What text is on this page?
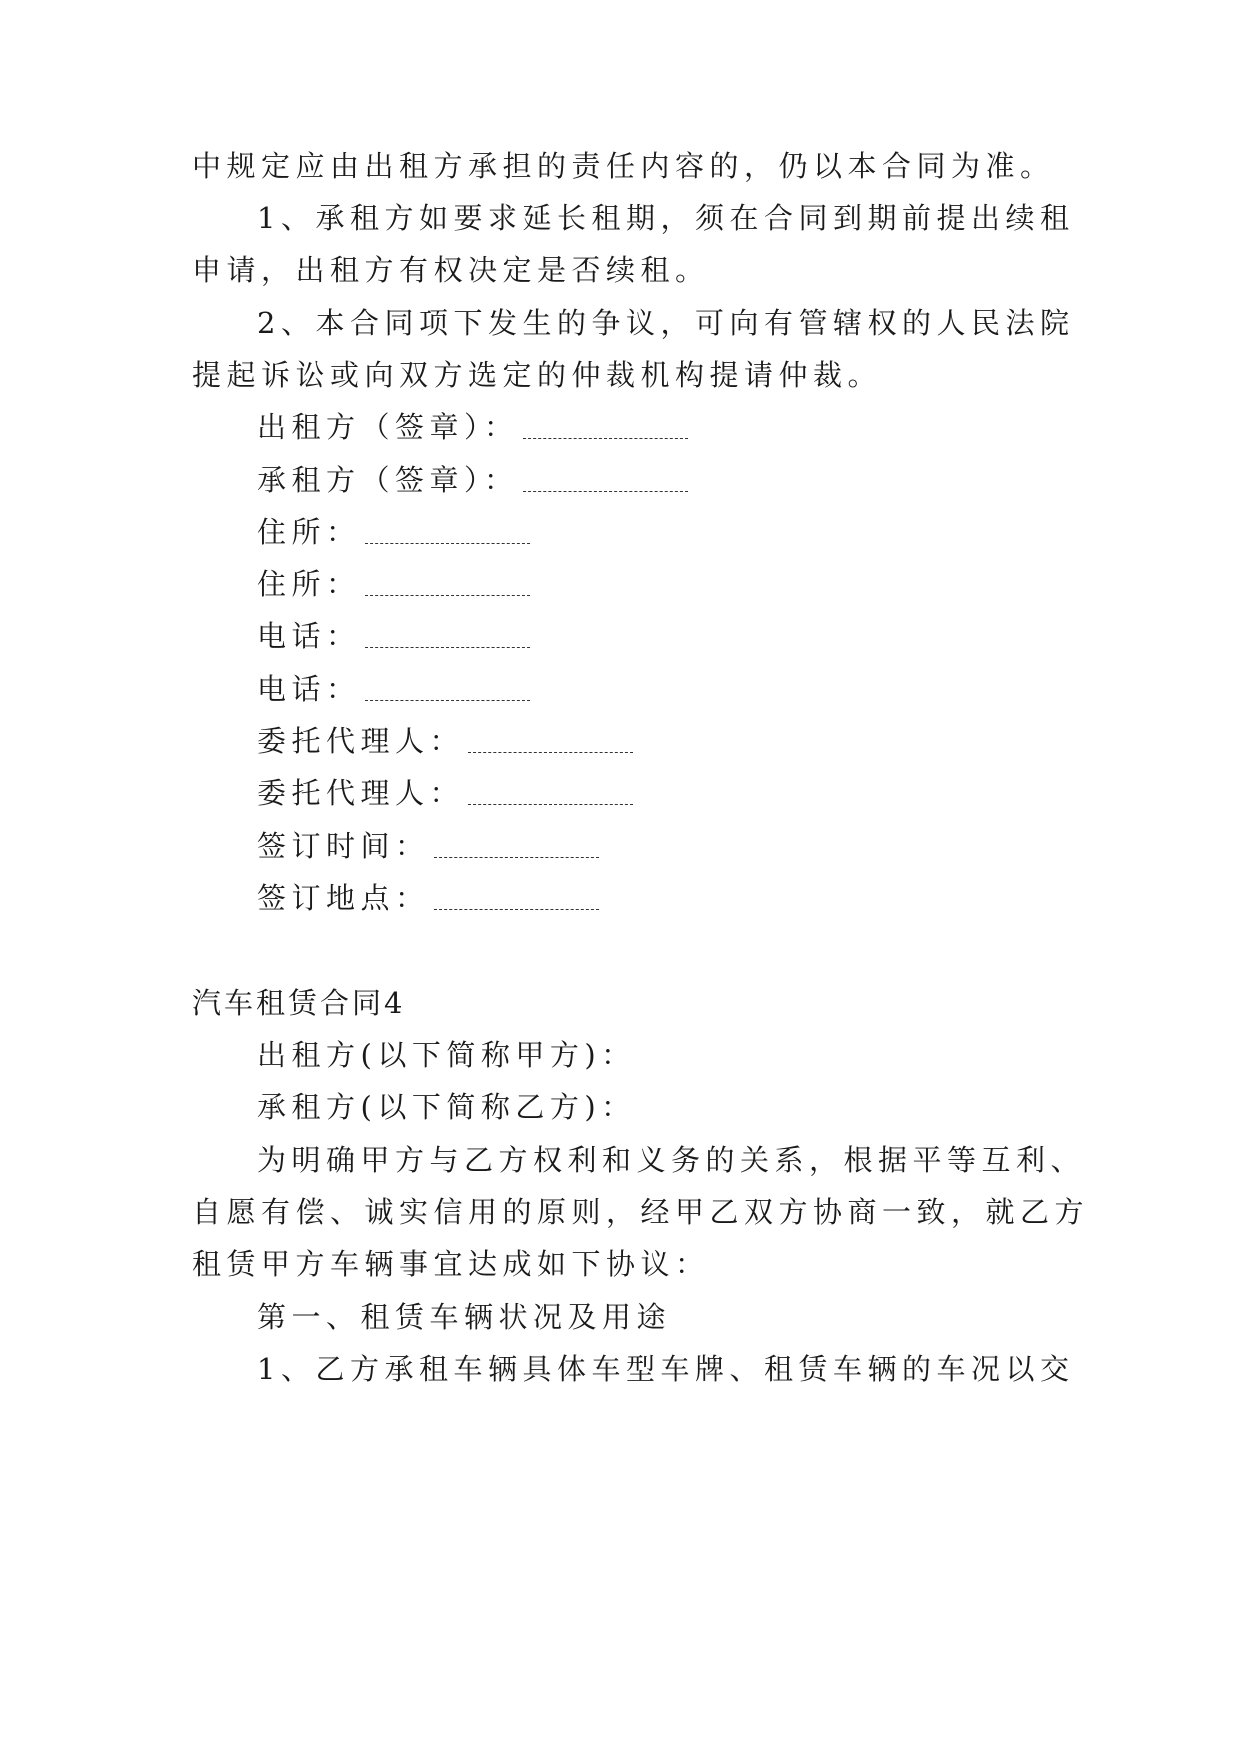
中规定应由出租方承担的责任内容的，仍以本合同为准。
1、承租方如要求延长租期，须在合同到期前提出续租
申请，出租方有权决定是否续租。
2、本合同项下发生的争议，可向有管辖权的人民法院
提起诉讼或向双方选定的仲裁机构提请仲裁。
出租方（签章）：
承租方（签章）：
住所：
住所：
电话：
电话：
委托代理人：
委托代理人：
签订时间：
签订地点：
汽车租赁合同4
出租方(以下简称甲方)：
承租方(以下简称乙方)：
为明确甲方与乙方权利和义务的关系，根据平等互利、
自愿有偿、诚实信用的原则，经甲乙双方协商一致，就乙方
租赁甲方车辆事宜达成如下协议：
第一、租赁车辆状况及用途
1、乙方承租车辆具体车型车牌、租赁车辆的车况以交
